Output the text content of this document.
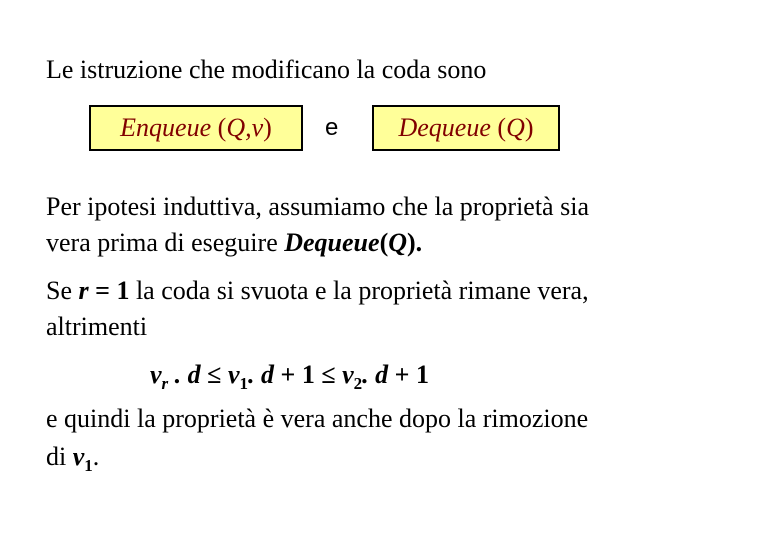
Le istruzione che modificano la coda sono
Enqueue (Q,v)	e	Dequeue (Q)
Per ipotesi induttiva, assumiamo che la proprietà sia
vera prima di eseguire Dequeue(Q).
Se r = 1 la coda si svuota e la proprietà rimane vera,
altrimenti
$v_r$ . $d \le v_1$. $d + 1 \le v_2$. d + 1
e quindi la proprietà è vera anche dopo la rimozione
di $v_1$.
